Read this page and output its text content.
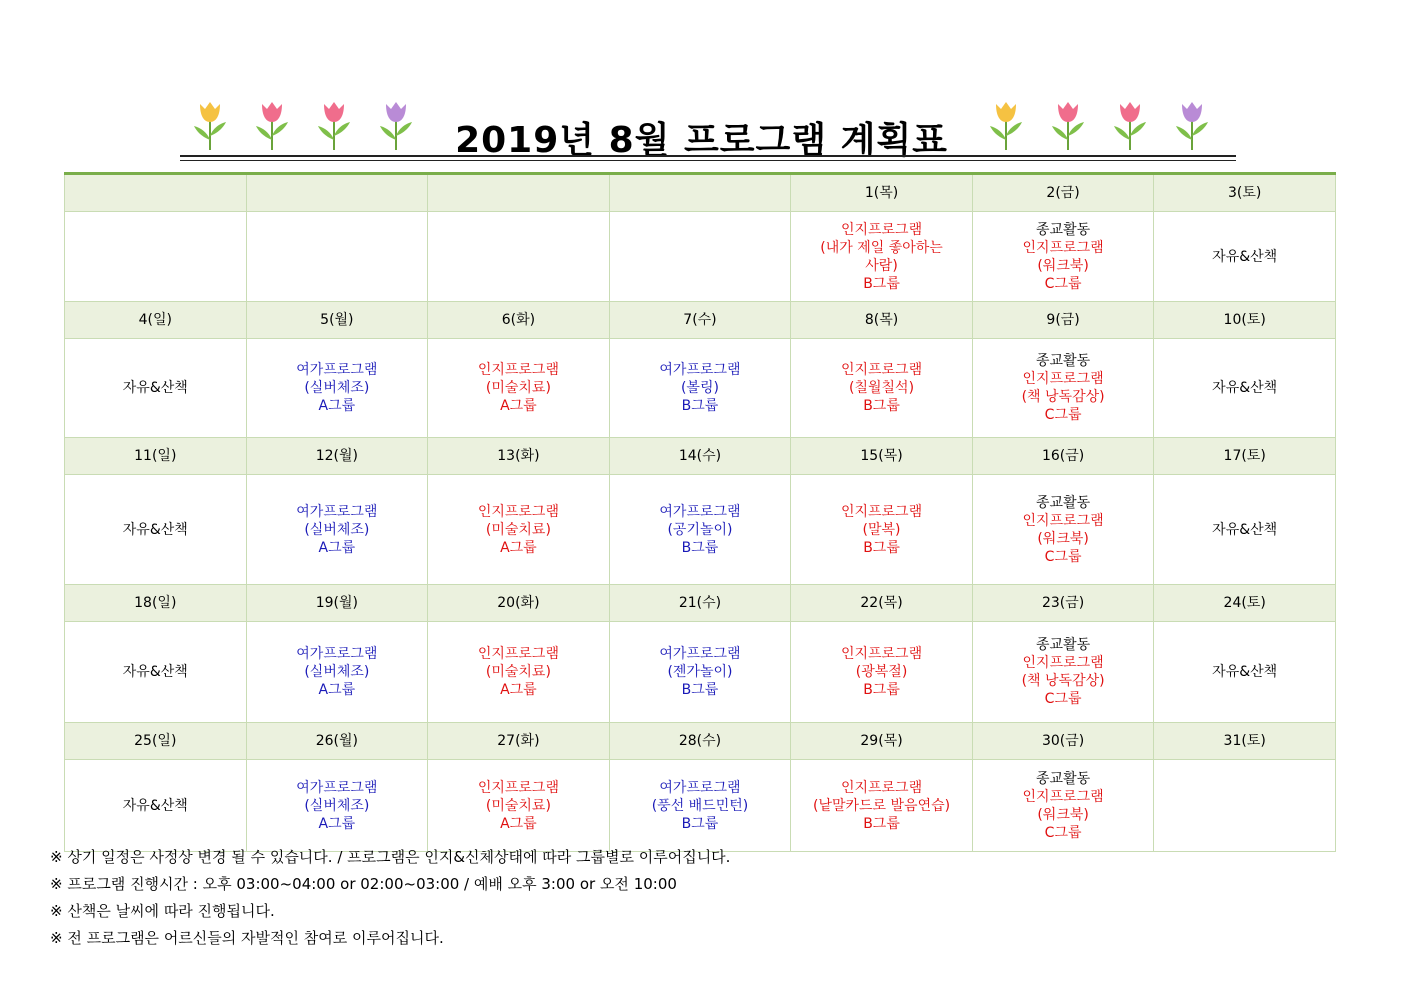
2019년 8월 프로그램 계획표
				1(목)	2(금)	3(토)

				인지프로그램
(내가 제일 좋아하는
사람)
B그룹	종교활동
인지프로그램
(워크북)
C그룹	자유&산책

4(일)	5(월)	6(화)	7(수)	8(목)	9(금)	10(토)

자유&산책	여가프로그램
(실버체조)
A그룹	인지프로그램
(미술치료)
A그룹	여가프로그램
(볼링)
B그룹	인지프로그램
(칠월칠석)
B그룹	종교활동
인지프로그램
(책 낭독감상)
C그룹	자유&산책

11(일)	12(월)	13(화)	14(수)	15(목)	16(금)	17(토)

자유&산책	여가프로그램
(실버체조)
A그룹	인지프로그램
(미술치료)
A그룹	여가프로그램
(공기놀이)
B그룹	인지프로그램
(말복)
B그룹	종교활동
인지프로그램
(워크북)
C그룹	자유&산책

18(일)	19(월)	20(화)	21(수)	22(목)	23(금)	24(토)

자유&산책	여가프로그램
(실버체조)
A그룹	인지프로그램
(미술치료)
A그룹	여가프로그램
(젠가놀이)
B그룹	인지프로그램
(광복절)
B그룹	종교활동
인지프로그램
(책 낭독감상)
C그룹	자유&산책

25(일)	26(월)	27(화)	28(수)	29(목)	30(금)	31(토)

자유&산책	여가프로그램
(실버체조)
A그룹	인지프로그램
(미술치료)
A그룹	여가프로그램
(풍선 배드민턴)
B그룹	인지프로그램
(낱말카드로 발음연습)
B그룹	종교활동
인지프로그램
(워크북)
C그룹	

※ 상기 일정은 사정상 변경 될 수 있습니다. / 프로그램은 인지&신체상태에 따라 그룹별로 이루어집니다.
※ 프로그램 진행시간 : 오후 03:00~04:00 or 02:00~03:00 / 예배 오후 3:00 or 오전 10:00
※ 산책은 날씨에 따라 진행됩니다.
※ 전 프로그램은 어르신들의 자발적인 참여로 이루어집니다.
